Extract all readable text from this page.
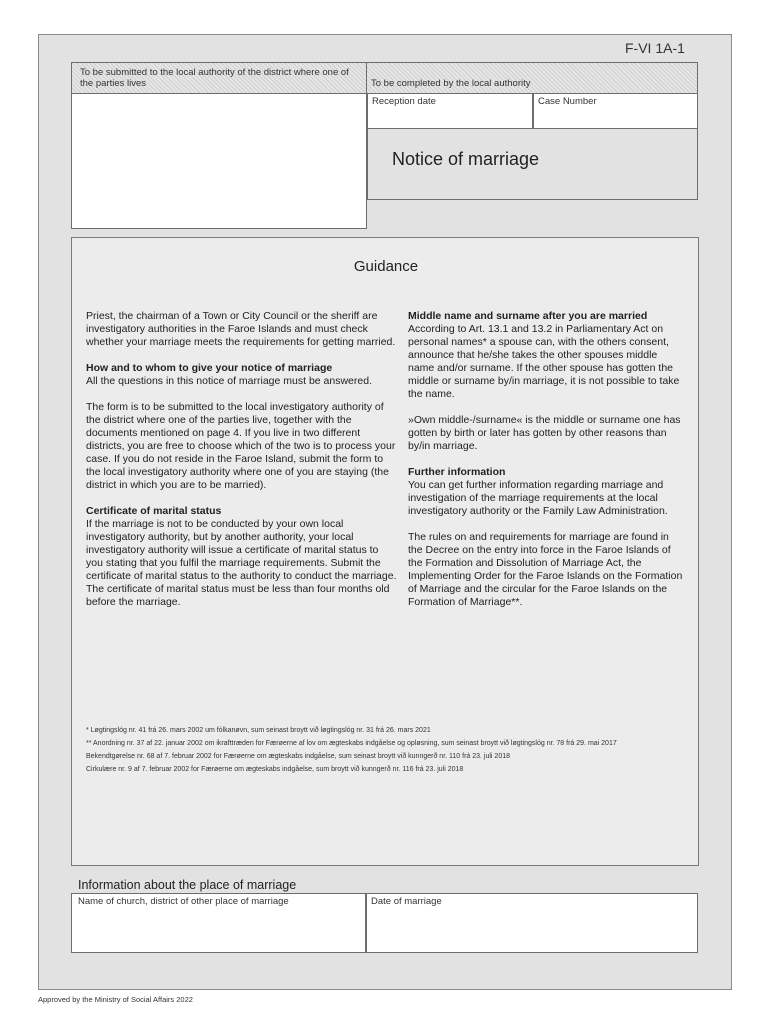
F-VI 1A-1
To be submitted to the local authority of the district where one of the parties lives	To be completed by the local authority
Reception date	Case Number
Notice of marriage
Guidance

Priest, the chairman of a Town or City Council or the sheriff are investigatory authorities in the Faroe Islands and must check whether your marriage meets the requirements for getting married.

How and to whom to give your notice of marriage

All the questions in this notice of marriage must be answered.

The form is to be submitted to the local investigatory authority of the district where one of the parties live, together with the documents mentioned on page 4. If you live in two different districts, you are free to choose which of the two is to process your case. If you do not reside in the Faroe Island, submit the form to the local investigatory authority where one of you are staying (the district in which you are to be married).

Certificate of marital status

If the marriage is not to be conducted by your own local investigatory authority, but by another authority, your local investigatory authority will issue a certificate of marital status to you stating that you fulfil the marriage requirements. Submit the certificate of marital status to the authority to conduct the marriage. The certificate of marital status must be less than four months old before the marriage.

Middle name and surname after you are married

According to Art. 13.1 and 13.2 in Parliamentary Act on personal names* a spouse can, with the others consent, announce that he/she takes the other spouses middle name and/or surname. If the other spouse has gotten the middle or surname by/in marriage, it is not possible to take the name.

»Own middle-/surname« is the middle or surname one has gotten by birth or later has gotten by other reasons than by/in marriage.

Further information

You can get further information regarding marriage and investigation of the marriage requirements at the local investigatory authority or the Family Law Administration.

The rules on and requirements for marriage are found in the Decree on the entry into force in the Faroe Islands of the Formation and Dissolution of Marriage Act, the Implementing Order for the Faroe Islands on the Formation of Marriage and the circular for the Faroe Islands on the Formation of Marriage**.

* Løgtingslóg nr. 41 frá 26. mars 2002 um fólkanøvn, sum seinast broytt við løgtingslóg nr. 31 frá 26. mars 2021
** Anordning nr. 37 af 22. januar 2002 om ikrafttræden for Færøerne af lov om ægteskabs indgåelse og opløsning, sum seinast broytt við løgtingslóg nr. 78 frá 29. mai 2017
Bekendtgørelse nr. 68 af 7. februar 2002 for Færøerne om ægteskabs indgåelse, sum seinast broytt við kunngerð nr. 110 frá 23. juli 2018
Cirkulære nr. 9 af 7. februar 2002 for Færøerne om ægteskabs indgåelse, sum broytt við kunngerð nr. 116 frá 23. juli 2018
Information about the place of marriage
Name of church, district of other place of marriage	Date of marriage
Approved by the Ministry of Social Affairs 2022
